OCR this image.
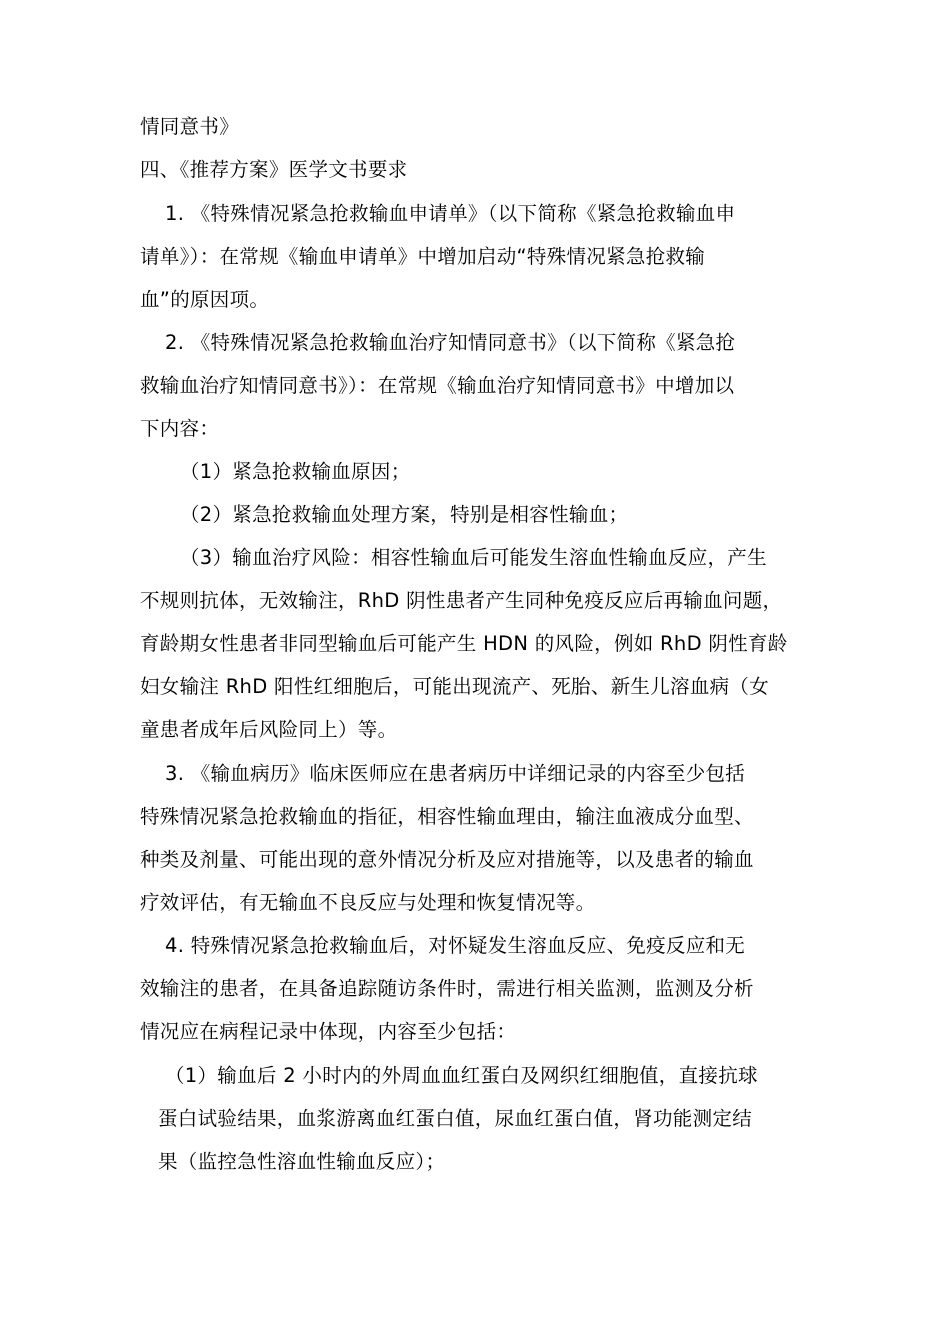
情同意书》
四、《推荐方案》医学文书要求
1. 《特殊情况紧急抢救输血申请单》（以下简称《紧急抢救输血申
请单》）：在常规《输血申请单》中增加启动“特殊情况紧急抢救输
血”的原因项。
2. 《特殊情况紧急抢救输血治疗知情同意书》（以下简称《紧急抢
救输血治疗知情同意书》）：在常规《输血治疗知情同意书》中增加以
下内容：
（1）紧急抢救输血原因；
（2）紧急抢救输血处理方案，特别是相容性输血；
（3）输血治疗风险：相容性输血后可能发生溶血性输血反应，产生
不规则抗体，无效输注，RhD 阴性患者产生同种免疫反应后再输血问题，
育龄期女性患者非同型输血后可能产生 HDN 的风险，例如 RhD 阴性育龄
妇女输注 RhD 阳性红细胞后，可能出现流产、死胎、新生儿溶血病（女
童患者成年后风险同上）等。
3. 《输血病历》临床医师应在患者病历中详细记录的内容至少包括
特殊情况紧急抢救输血的指征，相容性输血理由，输注血液成分血型、
种类及剂量、可能出现的意外情况分析及应对措施等，以及患者的输血
疗效评估，有无输血不良反应与处理和恢复情况等。
4. 特殊情况紧急抢救输血后，对怀疑发生溶血反应、免疫反应和无
效输注的患者，在具备追踪随访条件时，需进行相关监测，监测及分析
情况应在病程记录中体现，内容至少包括：
（1）输血后 2 小时内的外周血血红蛋白及网织红细胞值，直接抗球
蛋白试验结果，血浆游离血红蛋白值，尿血红蛋白值，肾功能测定结
果（监控急性溶血性输血反应）；
